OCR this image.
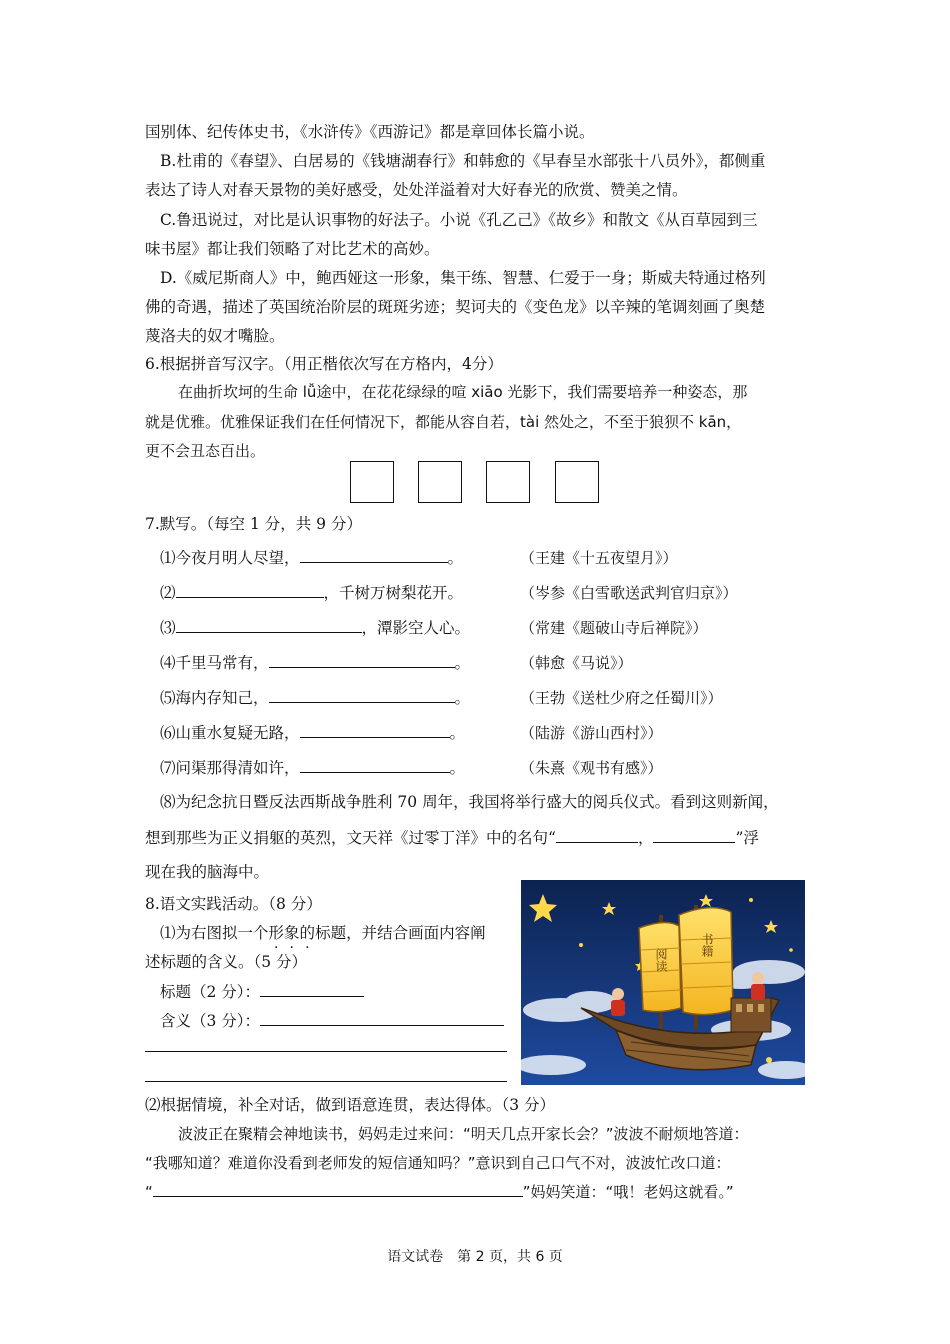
国别体、纪传体史书，《水浒传》《西游记》都是章回体长篇小说。
B.杜甫的《春望》、白居易的《钱塘湖春行》和韩愈的《早春呈水部张十八员外》，都侧重
表达了诗人对春天景物的美好感受，处处洋溢着对大好春光的欣赏、赞美之情。
C.鲁迅说过，对比是认识事物的好法子。小说《孔乙己》《故乡》和散文《从百草园到三
味书屋》都让我们领略了对比艺术的高妙。
D.《威尼斯商人》中，鲍西娅这一形象，集干练、智慧、仁爱于一身；斯威夫特通过格列
佛的奇遇，描述了英国统治阶层的斑斑劣迹；契诃夫的《变色龙》以辛辣的笔调刻画了奥楚
蔑洛夫的奴才嘴脸。
6.根据拼音写汉字。（用正楷依次写在方格内，4分）
在曲折坎坷的生命 lǚ途中，在花花绿绿的喧 xiāo 光影下，我们需要培养一种姿态，那
就是优雅。优雅保证我们在任何情况下，都能从容自若，tài 然处之，不至于狼狈不 kān，
更不会丑态百出。
7.默写。（每空 1 分，共 9 分）
⑴今夜月明人尽望，	。	（王建《十五夜望月》）
⑵	，千树万树梨花开。	（岑参《白雪歌送武判官归京》）
⑶	，潭影空人心。	（常建《题破山寺后禅院》）
⑷千里马常有，	。	（韩愈《马说》）
⑸海内存知己，	。	（王勃《送杜少府之任蜀川》）
⑹山重水复疑无路，	。	（陆游《游山西村》）
⑺问渠那得清如许，	。	（朱熹《观书有感》）
⑻为纪念抗日暨反法西斯战争胜利 70 周年，我国将举行盛大的阅兵仪式。看到这则新闻，
想到那些为正义捐躯的英烈，文天祥《过零丁洋》中的名句“	，	”浮
现在我的脑海中。
8.语文实践活动。（8 分）
⑴为右图拟一个形象的标题，并结合画面内容阐
述标题的含义。（5 分）
标题（2 分）：
含义（3 分）：
阅读
书籍
⑵根据情境，补全对话，做到语意连贯，表达得体。（3 分）
波波正在聚精会神地读书，妈妈走过来问：“明天几点开家长会？”波波不耐烦地答道：
“我哪知道？难道你没看到老师发的短信通知吗？”意识到自己口气不对，波波忙改口道：
“	”妈妈笑道：“哦！老妈这就看。”
语文试卷　第 2 页，共 6 页
